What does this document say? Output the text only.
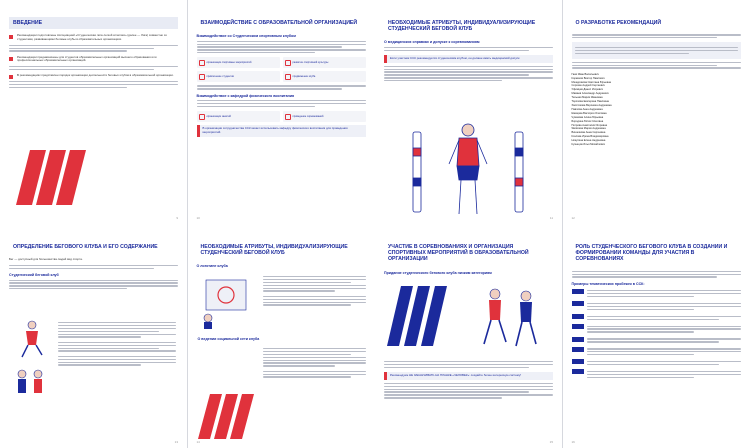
ВВЕДЕНИЕ
Рекомендации подготовлены Ассоциацией «Студенческая лига легкой атлетики» (далее — Лига) совместно со студентами, развивающими беговые клубы в образовательных организациях.
Рекомендации предназначены для студентов образовательных организаций высшего образования или профессиональных образовательных организаций.
В рекомендациях представлен порядок организации деятельности беговых клубов в образовательной организации.
9
ВЗАИМОДЕЙСТВИЕ С ОБРАЗОВАТЕЛЬНОЙ ОРГАНИЗАЦИЕЙ
Взаимодействие со Студенческим спортивным клубом
организация спортивных мероприятий	развитие спортивной культуры
привлечение студентов	продвижение клуба
Взаимодействие с кафедрой физического воспитания
организация занятий	проведение соревнований
В организации сотрудничества ССК может использовать кафедру физического воспитания для проведения мероприятий.
10
НЕОБХОДИМЫЕ АТРИБУТЫ, ИНДИВИДУАЛИЗИРУЮЩИЕ СТУДЕНЧЕСКИЙ БЕГОВОЙ КЛУБ
О медицинских справках и допуске к соревнованиям
Если участник ССК рекомендуется студенческим клубом, он должен иметь медицинский допуск.
11
О РАЗРАБОТКЕ РЕКОМЕНДАЦИЙ
Гаев Иван Васильевич
Коржиков Виктор Павлович
Мещерякова Светлана Юрьевна
Сорокин Андрей Сергеевич
Уфимцев Данил Игоревич
Мамаев Александр Андреевич
Тельная Мария Ивановна
Торопова Екатерина Павловна
Хвостикова Вероника Андреевна
Павлова Анна Андреевна
Шевцова Виктория Олеговна
Чумакова Алина Юрьевна
Бородина Юлия Олеговна
Петрова Анастасия Игоревна
Яковлева Мария Андреевна
Вишнякова Анна Сергеевна
Козлова Ирина Владимировна
Никулина Елена Андреевна
Кузнецов Илья Михайлович
12
ОПРЕДЕЛЕНИЕ БЕГОВОГО КЛУБА И ЕГО СОДЕРЖАНИЕ
Бег — доступный для большинства людей вид спорта.
Студенческий беговой клуб
13
НЕОБХОДИМЫЕ АТРИБУТЫ, ИНДИВИДУАЛИЗИРУЮЩИЕ СТУДЕНЧЕСКИЙ БЕГОВОЙ КЛУБ
О логотипе клуба
О ведении социальной сети клуба
14
УЧАСТИЕ В СОРЕВНОВАНИЯХ И ОРГАНИЗАЦИЯ СПОРТИВНЫХ МЕРОПРИЯТИЙ В ОБРАЗОВАТЕЛЬНОЙ ОРГАНИЗАЦИИ
Придание студенческого бегового клуба низким категориям
Рекомендуем НЕ ЗАКАНЧИВАТЬ НА ПЛАНКЕ «ЧЕЛОВЕК»: создайте более интересную систему!
15
РОЛЬ СТУДЕНЧЕСКОГО БЕГОВОГО КЛУБА В СОЗДАНИИ И ФОРМИРОВАНИИ КОМАНДЫ ДЛЯ УЧАСТИЯ В СОРЕВНОВАНИЯХ
Примеры тематических пробежек в ССК:
16
